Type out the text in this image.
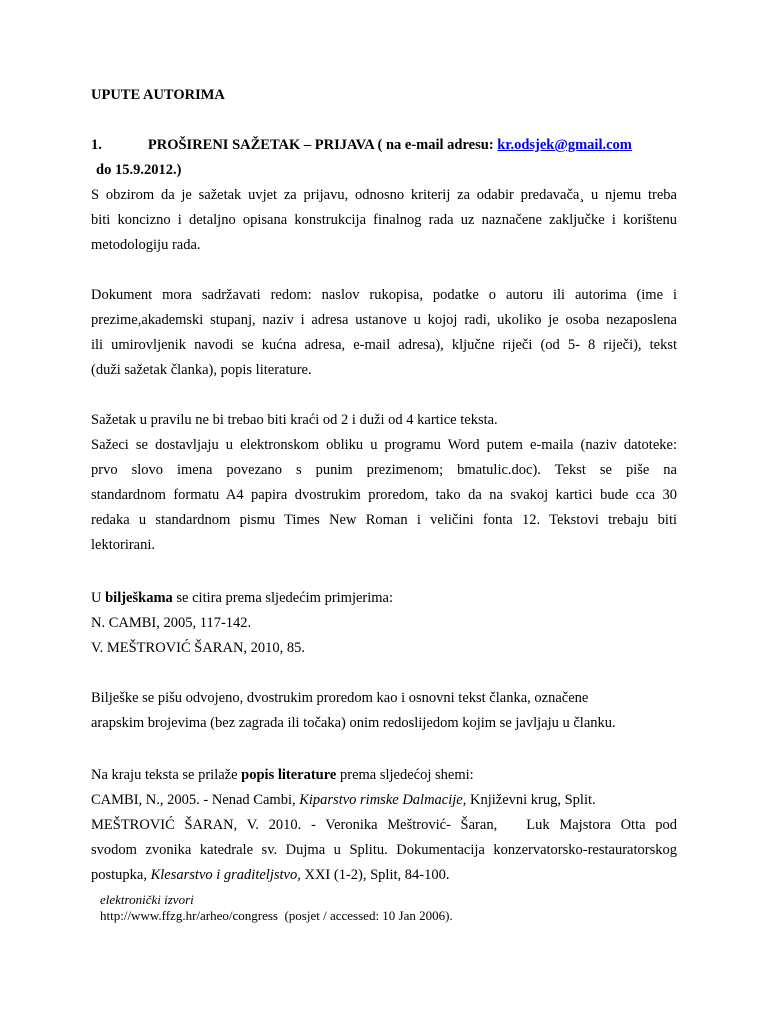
UPUTE AUTORIMA
1.	PROŠIRENI SAŽETAK – PRIJAVA ( na e-mail adresu: kr.odsjek@gmail.com
do 15.9.2012.)
S obzirom da je sažetak uvjet za prijavu, odnosno kriterij za odabir predavača¸ u njemu treba
biti koncizno i detaljno opisana konstrukcija finalnog rada uz naznačene zaključke i korištenu
metodologiju rada.
Dokument mora sadržavati redom: naslov rukopisa, podatke o autoru ili autorima (ime i
prezime,akademski stupanj, naziv i adresa ustanove u kojoj radi, ukoliko je osoba nezaposlena
ili umirovljenik navodi se kućna adresa, e-mail adresa), ključne riječi (od 5- 8 riječi), tekst
(duži sažetak članka), popis literature.
Sažetak u pravilu ne bi trebao biti kraći od 2 i duži od 4 kartice teksta.
Sažeci se dostavljaju u elektronskom obliku u programu Word putem e-maila (naziv datoteke:
prvo slovo imena povezano s punim prezimenom; bmatulic.doc). Tekst se piše na
standardnom formatu A4 papira dvostrukim proredom, tako da na svakoj kartici bude cca 30
redaka u standardnom pismu Times New Roman i veličini fonta 12. Tekstovi trebaju biti
lektorirani.
U bilješkama se citira prema sljedećim primjerima:
N. CAMBI, 2005, 117-142.
V. MEŠTROVIĆ ŠARAN, 2010, 85.
Bilješke se pišu odvojeno, dvostrukim proredom kao i osnovni tekst članka, označene
arapskim brojevima (bez zagrada ili točaka) onim redoslijedom kojim se javljaju u članku.
Na kraju teksta se prilaže popis literature prema sljedećoj shemi:
CAMBI, N., 2005. - Nenad Cambi, Kiparstvo rimske Dalmacije, Književni krug, Split.
MEŠTROVIĆ ŠARAN, V. 2010. - Veronika Meštrović- Šaran,   Luk Majstora Otta pod
svodom zvonika katedrale sv. Dujma u Splitu. Dokumentacija konzervatorsko-restauratorskog
postupka, Klesarstvo i graditeljstvo, XXI (1-2), Split, 84-100.
elektronički izvori
http://www.ffzg.hr/arheo/congress  (posjet / accessed: 10 Jan 2006).
